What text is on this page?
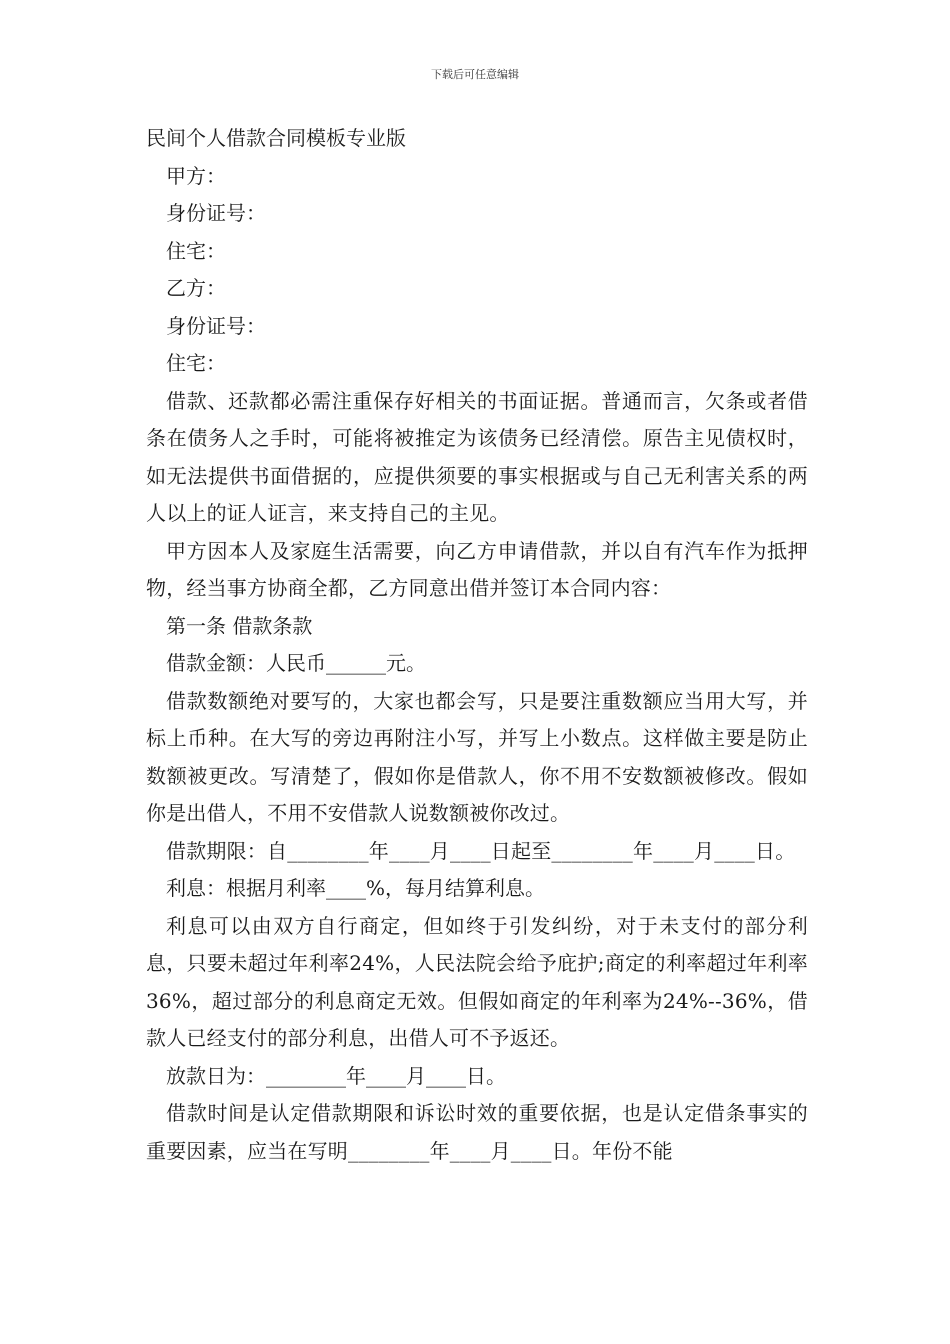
下载后可任意编辑

民间个人借款合同模板专业版

甲方：

身份证号：

住宅：

乙方：

身份证号：

住宅：

借款、还款都必需注重保存好相关的书面证据。普通而言，欠条或者借条在债务人之手时，可能将被推定为该债务已经清偿。原告主见债权时，如无法提供书面借据的，应提供须要的事实根据或与自己无利害关系的两人以上的证人证言，来支持自己的主见。

甲方因本人及家庭生活需要，向乙方申请借款，并以自有汽车作为抵押物，经当事方协商全都，乙方同意出借并签订本合同内容：

第一条 借款条款

借款金额：人民币______元。

借款数额绝对要写的，大家也都会写，只是要注重数额应当用大写，并标上币种。在大写的旁边再附注小写，并写上小数点。这样做主要是防止数额被更改。写清楚了，假如你是借款人，你不用不安数额被修改。假如你是出借人，不用不安借款人说数额被你改过。

借款期限：自________年____月____日起至________年____月____日。

利息：根据月利率____%，每月结算利息。

利息可以由双方自行商定，但如终于引发纠纷，对于未支付的部分利息，只要未超过年利率24%，人民法院会给予庇护;商定的利率超过年利率36%，超过部分的利息商定无效。但假如商定的年利率为24%--36%，借款人已经支付的部分利息，出借人可不予返还。

放款日为：________年____月____日。

借款时间是认定借款期限和诉讼时效的重要依据，也是认定借条事实的重要因素，应当在写明________年____月____日。年份不能
